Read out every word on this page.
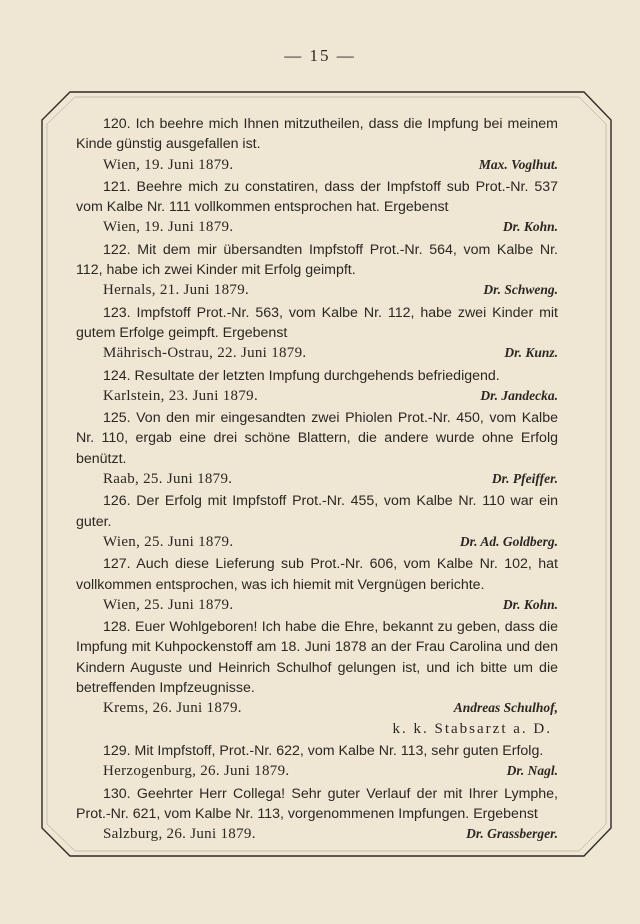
— 15 —
120. Ich beehre mich Ihnen mitzutheilen, dass die Impfung bei meinem Kinde günstig ausgefallen ist.
Wien, 19. Juni 1879.	Max. Voglhut.
121. Beehre mich zu constatiren, dass der Impfstoff sub Prot.-Nr. 537 vom Kalbe Nr. 111 vollkommen entsprochen hat. Ergebenst
Wien, 19. Juni 1879.	Dr. Kohn.
122. Mit dem mir übersandten Impfstoff Prot.-Nr. 564, vom Kalbe Nr. 112, habe ich zwei Kinder mit Erfolg geimpft.
Hernals, 21. Juni 1879.	Dr. Schweng.
123. Impfstoff Prot.-Nr. 563, vom Kalbe Nr. 112, habe zwei Kinder mit gutem Erfolge geimpft. Ergebenst
Mährisch-Ostrau, 22. Juni 1879.	Dr. Kunz.
124. Resultate der letzten Impfung durchgehends befriedigend.
Karlstein, 23. Juni 1879.	Dr. Jandecka.
125. Von den mir eingesandten zwei Phiolen Prot.-Nr. 450, vom Kalbe Nr. 110, ergab eine drei schöne Blattern, die andere wurde ohne Erfolg benützt.
Raab, 25. Juni 1879.	Dr. Pfeiffer.
126. Der Erfolg mit Impfstoff Prot.-Nr. 455, vom Kalbe Nr. 110 war ein guter.
Wien, 25. Juni 1879.	Dr. Ad. Goldberg.
127. Auch diese Lieferung sub Prot.-Nr. 606, vom Kalbe Nr. 102, hat vollkommen entsprochen, was ich hiemit mit Vergnügen berichte.
Wien, 25. Juni 1879.	Dr. Kohn.
128. Euer Wohlgeboren! Ich habe die Ehre, bekannt zu geben, dass die Impfung mit Kuhpockenstoff am 18. Juni 1878 an der Frau Carolina und den Kindern Auguste und Heinrich Schulhof gelungen ist, und ich bitte um die betreffenden Impfzeugnisse.
Krems, 26. Juni 1879.	Andreas Schulhof,
k. k. Stabsarzt a. D.
129. Mit Impfstoff, Prot.-Nr. 622, vom Kalbe Nr. 113, sehr guten Erfolg.
Herzogenburg, 26. Juni 1879.	Dr. Nagl.
130. Geehrter Herr Collega! Sehr guter Verlauf der mit Ihrer Lymphe, Prot.-Nr. 621, vom Kalbe Nr. 113, vorgenommenen Impfungen. Ergebenst
Salzburg, 26. Juni 1879.	Dr. Grassberger.
